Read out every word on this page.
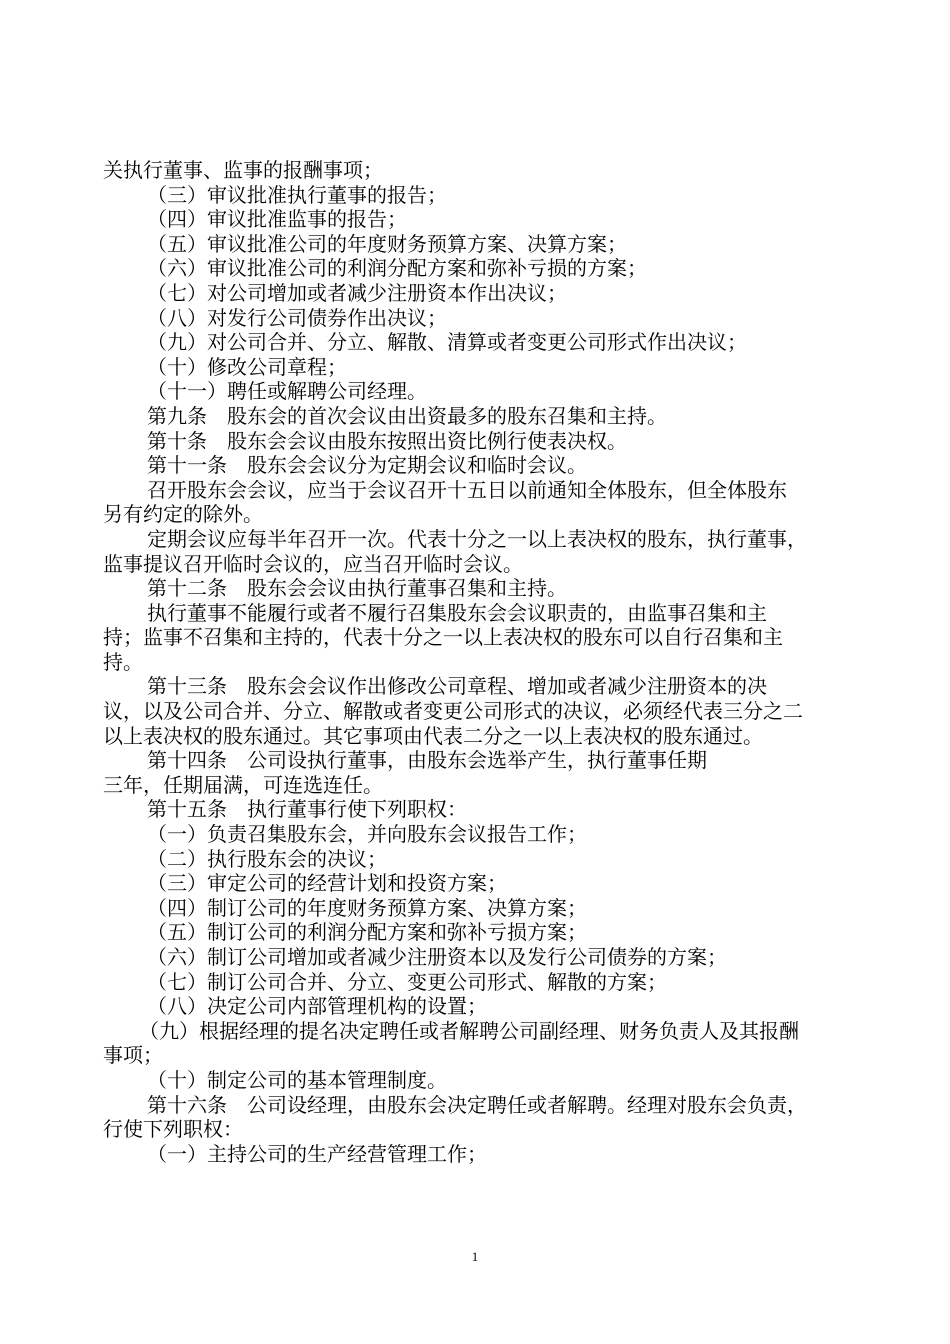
关执行董事、监事的报酬事项；
（三）审议批准执行董事的报告；
（四）审议批准监事的报告；
（五）审议批准公司的年度财务预算方案、决算方案；
（六）审议批准公司的利润分配方案和弥补亏损的方案；
（七）对公司增加或者减少注册资本作出决议；
（八）对发行公司债券作出决议；
（九）对公司合并、分立、解散、清算或者变更公司形式作出决议；
（十）修改公司章程；
（十一）聘任或解聘公司经理。
第九条　股东会的首次会议由出资最多的股东召集和主持。
第十条　股东会会议由股东按照出资比例行使表决权。
第十一条　股东会会议分为定期会议和临时会议。
召开股东会会议，应当于会议召开十五日以前通知全体股东，但全体股东
另有约定的除外。
定期会议应每半年召开一次。代表十分之一以上表决权的股东，执行董事，
监事提议召开临时会议的，应当召开临时会议。
第十二条　股东会会议由执行董事召集和主持。
执行董事不能履行或者不履行召集股东会会议职责的，由监事召集和主
持；监事不召集和主持的，代表十分之一以上表决权的股东可以自行召集和主
持。
第十三条　股东会会议作出修改公司章程、增加或者减少注册资本的决
议，以及公司合并、分立、解散或者变更公司形式的决议，必须经代表三分之二
以上表决权的股东通过。其它事项由代表二分之一以上表决权的股东通过。
第十四条　公司设执行董事，由股东会选举产生，执行董事任期
三年，任期届满，可连选连任。
第十五条　执行董事行使下列职权：
（一）负责召集股东会，并向股东会议报告工作；
（二）执行股东会的决议；
（三）审定公司的经营计划和投资方案；
（四）制订公司的年度财务预算方案、决算方案；
（五）制订公司的利润分配方案和弥补亏损方案；
（六）制订公司增加或者减少注册资本以及发行公司债券的方案；
（七）制订公司合并、分立、变更公司形式、解散的方案；
（八）决定公司内部管理机构的设置；
（九）根据经理的提名决定聘任或者解聘公司副经理、财务负责人及其报酬
事项；
（十）制定公司的基本管理制度。
第十六条　公司设经理，由股东会决定聘任或者解聘。经理对股东会负责，
行使下列职权：
（一）主持公司的生产经营管理工作；
1
